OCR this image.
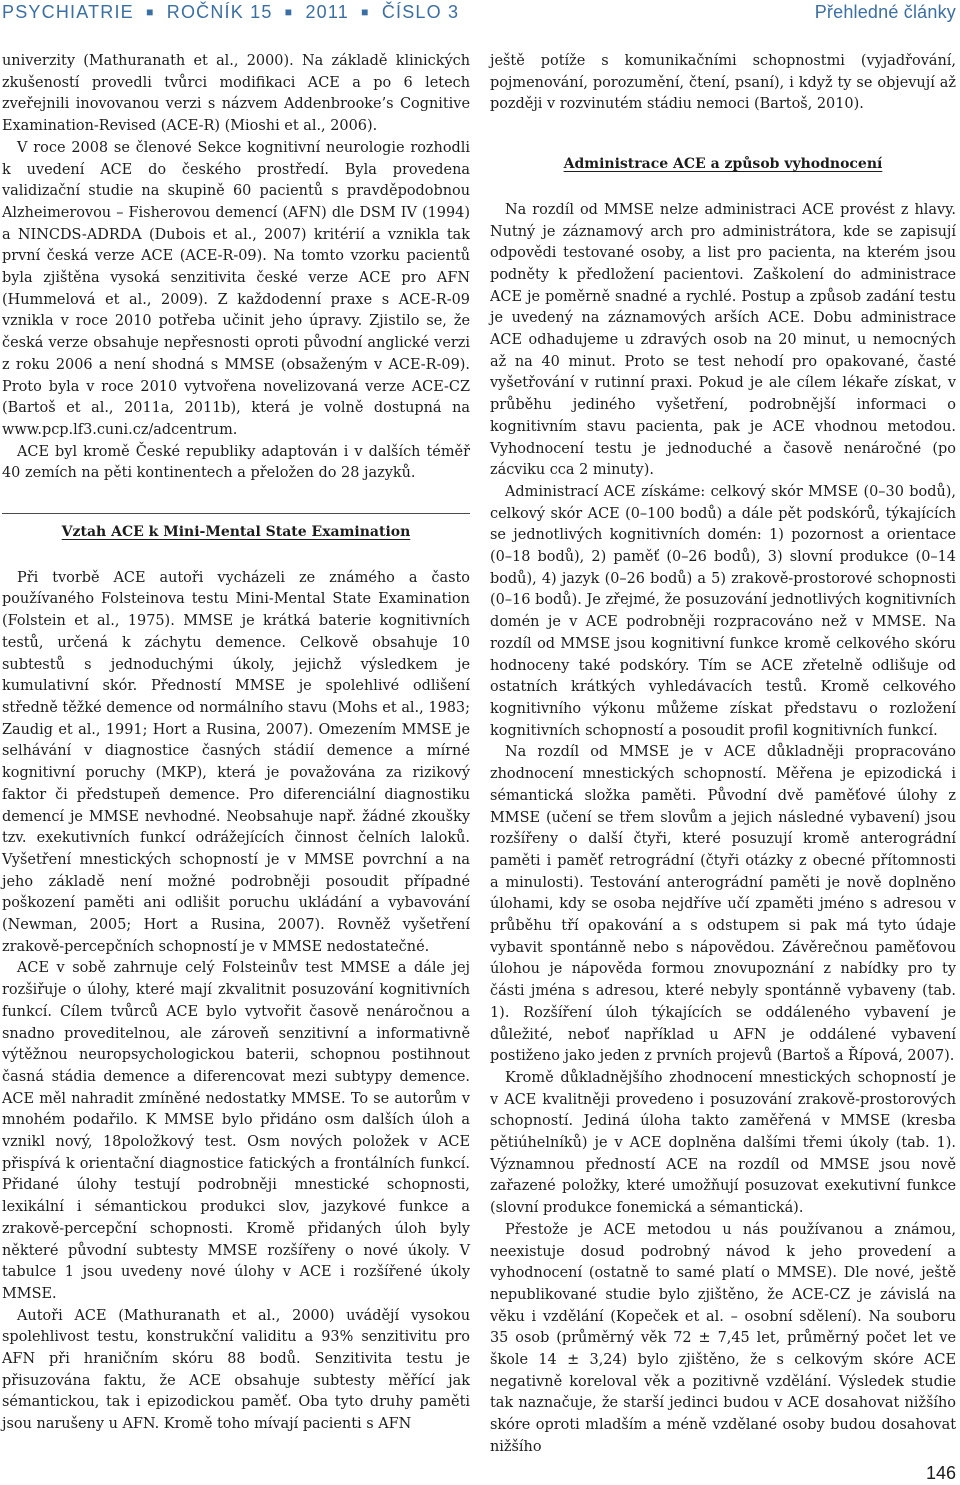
PSYCHIATRIE ■ ROČNÍK 15 ■ 2011 ■ ČÍSLO 3	Přehledné články

univerzity (Mathuranath et al., 2000). Na základě klinických zkušeností provedli tvůrci modifikaci ACE a po 6 letech zveřejnili inovovanou verzi s názvem Addenbrooke’s Cognitive Examination-Revised (ACE-R) (Mioshi et al., 2006).

V roce 2008 se členové Sekce kognitivní neurologie rozhodli k uvedení ACE do českého prostředí. Byla provedena validizační studie na skupině 60 pacientů s pravděpodobnou Alzheimerovou – Fisherovou demencí (AFN) dle DSM IV (1994) a NINCDS-ADRDA (Dubois et al., 2007) kritérií a vznikla tak první česká verze ACE (ACE-R-09). Na tomto vzorku pacientů byla zjištěna vysoká senzitivita české verze ACE pro AFN (Hummelová et al., 2009). Z každodenní praxe s ACE-R-09 vznikla v roce 2010 potřeba učinit jeho úpravy. Zjistilo se, že česká verze obsahuje nepřesnosti oproti původní anglické verzi z roku 2006 a není shodná s MMSE (obsaženým v ACE-R-09). Proto byla v roce 2010 vytvořena novelizovaná verze ACE-CZ (Bartoš et al., 2011a, 2011b), která je volně dostupná na www.pcp.lf3.cuni.cz/adcentrum.

ACE byl kromě České republiky adaptován i v dalších téměř 40 zemích na pěti kontinentech a přeložen do 28 jazyků.

Vztah ACE k Mini-Mental State Examination

Při tvorbě ACE autoři vycházeli ze známého a často používaného Folsteinova testu Mini-Mental State Examination (Folstein et al., 1975). MMSE je krátká baterie kognitivních testů, určená k záchytu demence. Celkově obsahuje 10 subtestů s jednoduchými úkoly, jejichž výsledkem je kumulativní skór. Předností MMSE je spolehlivé odlišení středně těžké demence od normálního stavu (Mohs et al., 1983; Zaudig et al., 1991; Hort a Rusina, 2007). Omezením MMSE je selhávání v diagnostice časných stádií demence a mírné kognitivní poruchy (MKP), která je považována za rizikový faktor či předstupeň demence. Pro diferenciální diagnostiku demencí je MMSE nevhodné. Neobsahuje např. žádné zkoušky tzv. exekutivních funkcí odrážejících činnost čelních laloků. Vyšetření mnestických schopností je v MMSE povrchní a na jeho základě není možné podrobněji posoudit případné poškození paměti ani odlišit poruchu ukládání a vybavování (Newman, 2005; Hort a Rusina, 2007). Rovněž vyšetření zrakově-percepčních schopností je v MMSE nedostatečné.

ACE v sobě zahrnuje celý Folsteinův test MMSE a dále jej rozšiřuje o úlohy, které mají zkvalitnit posuzování kognitivních funkcí. Cílem tvůrců ACE bylo vytvořit časově nenáročnou a snadno proveditelnou, ale zároveň senzitivní a informativně výtěžnou neuropsychologickou baterii, schopnou postihnout časná stádia demence a diferencovat mezi subtypy demence. ACE měl nahradit zmíněné nedostatky MMSE. To se autorům v mnohém podařilo. K MMSE bylo přidáno osm dalších úloh a vznikl nový, 18položkový test. Osm nových položek v ACE přispívá k orientační diagnostice fatických a frontálních funkcí. Přidané úlohy testují podrobněji mnestické schopnosti, lexikální i sémantickou produkci slov, jazykové funkce a zrakově-percepční schopnosti. Kromě přidaných úloh byly některé původní subtesty MMSE rozšířeny o nové úkoly. V tabulce 1 jsou uvedeny nové úlohy v ACE i rozšířené úkoly MMSE.

Autoři ACE (Mathuranath et al., 2000) uvádějí vysokou spolehlivost testu, konstrukční validitu a 93% senzitivitu pro AFN při hraničním skóru 88 bodů. Senzitivita testu je přisuzována faktu, že ACE obsahuje subtesty měřící jak sémantickou, tak i epizodickou paměť. Oba tyto druhy paměti jsou narušeny u AFN. Kromě toho mívají pacienti s AFN

ještě potíže s komunikačními schopnostmi (vyjadřování, pojmenování, porozumění, čtení, psaní), i když ty se objevují až později v rozvinutém stádiu nemoci (Bartoš, 2010).

Administrace ACE a způsob vyhodnocení

Na rozdíl od MMSE nelze administraci ACE provést z hlavy. Nutný je záznamový arch pro administrátora, kde se zapisují odpovědi testované osoby, a list pro pacienta, na kterém jsou podněty k předložení pacientovi. Zaškolení do administrace ACE je poměrně snadné a rychlé. Postup a způsob zadání testu je uvedený na záznamových arších ACE. Dobu administrace ACE odhadujeme u zdravých osob na 20 minut, u nemocných až na 40 minut. Proto se test nehodí pro opakované, časté vyšetřování v rutinní praxi. Pokud je ale cílem lékaře získat, v průběhu jediného vyšetření, podrobnější informaci o kognitivním stavu pacienta, pak je ACE vhodnou metodou. Vyhodnocení testu je jednoduché a časově nenáročné (po zácviku cca 2 minuty).

Administrací ACE získáme: celkový skór MMSE (0–30 bodů), celkový skór ACE (0–100 bodů) a dále pět podskórů, týkajících se jednotlivých kognitivních domén: 1) pozornost a orientace (0–18 bodů), 2) paměť (0–26 bodů), 3) slovní produkce (0–14 bodů), 4) jazyk (0–26 bodů) a 5) zrakově-prostorové schopnosti (0–16 bodů). Je zřejmé, že posuzování jednotlivých kognitivních domén je v ACE podrobněji rozpracováno než v MMSE. Na rozdíl od MMSE jsou kognitivní funkce kromě celkového skóru hodnoceny také podskóry. Tím se ACE zřetelně odlišuje od ostatních krátkých vyhledávacích testů. Kromě celkového kognitivního výkonu můžeme získat představu o rozložení kognitivních schopností a posoudit profil kognitivních funkcí.

Na rozdíl od MMSE je v ACE důkladněji propracováno zhodnocení mnestických schopností. Měřena je epizodická i sémantická složka paměti. Původní dvě paměťové úlohy z MMSE (učení se třem slovům a jejich následné vybavení) jsou rozšířeny o další čtyři, které posuzují kromě anterográdní paměti i paměť retrográdní (čtyři otázky z obecné přítomnosti a minulosti). Testování anterográdní paměti je nově doplněno úlohami, kdy se osoba nejdříve učí zpaměti jméno s adresou v průběhu tří opakování a s odstupem si pak má tyto údaje vybavit spontánně nebo s nápovědou. Závěrečnou paměťovou úlohou je nápověda formou znovupoznání z nabídky pro ty části jména s adresou, které nebyly spontánně vybaveny (tab. 1). Rozšíření úloh týkajících se oddáleného vybavení je důležité, neboť například u AFN je oddálené vybavení postiženo jako jeden z prvních projevů (Bartoš a Řípová, 2007).

Kromě důkladnějšího zhodnocení mnestických schopností je v ACE kvalitněji provedeno i posuzování zrakově-prostorových schopností. Jediná úloha takto zaměřená v MMSE (kresba pětiúhelníků) je v ACE doplněna dalšími třemi úkoly (tab. 1). Významnou předností ACE na rozdíl od MMSE jsou nově zařazené položky, které umožňují posuzovat exekutivní funkce (slovní produkce fonemická a sémantická).

Přestože je ACE metodou u nás používanou a známou, neexistuje dosud podrobný návod k jeho provedení a vyhodnocení (ostatně to samé platí o MMSE). Dle nové, ještě nepublikované studie bylo zjištěno, že ACE-CZ je závislá na věku i vzdělání (Kopeček et al. – osobní sdělení). Na souboru 35 osob (průměrný věk 72 ± 7,45 let, průměrný počet let ve škole 14 ± 3,24) bylo zjištěno, že s celkovým skóre ACE negativně koreloval věk a pozitivně vzdělání. Výsledek studie tak naznačuje, že starší jedinci budou v ACE dosahovat nižšího skóre oproti mladším a méně vzdělané osoby budou dosahovat nižšího

146
